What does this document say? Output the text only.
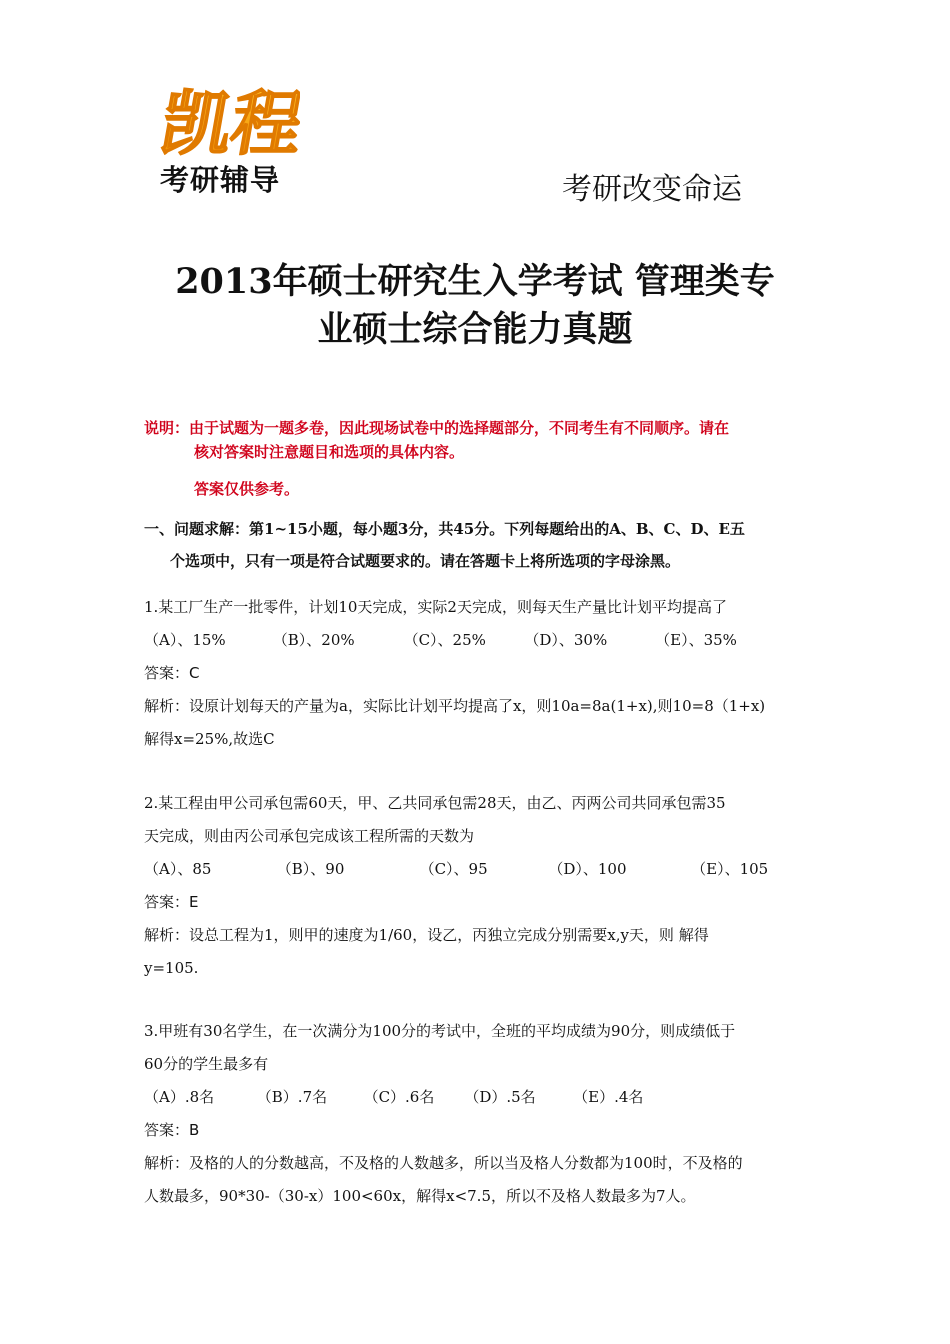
凯程
考研辅导	考研改变命运
2013年硕士研究生入学考试 管理类专
业硕士综合能力真题
说明：由于试题为一题多卷，因此现场试卷中的选择题部分，不同考生有不同顺序。请在
核对答案时注意题目和选项的具体内容。
答案仅供参考。
一、问题求解：第1~15小题，每小题3分，共45分。下列每题给出的A、B、C、D、E五
个选项中，只有一项是符合试题要求的。请在答题卡上将所选项的字母涂黑。
1.某工厂生产一批零件，计划10天完成，实际2天完成，则每天生产量比计划平均提高了
（A）、15%	（B）、20%	（C）、25%	（D）、30%	（E）、35%
答案：C
解析：设原计划每天的产量为a，实际比计划平均提高了x，则10a=8a(1+x),则10=8（1+x)
解得x=25%,故选C
2.某工程由甲公司承包需60天，甲、乙共同承包需28天，由乙、丙两公司共同承包需35
天完成，则由丙公司承包完成该工程所需的天数为
（A）、85	（B）、90	（C）、95	（D）、100	（E）、105
答案：E
解析：设总工程为1，则甲的速度为1/60，设乙，丙独立完成分别需要x,y天，则 解得
y=105.
3.甲班有30名学生，在一次满分为100分的考试中，全班的平均成绩为90分，则成绩低于
60分的学生最多有
（A）.8名	（B）.7名 （C）.6名 （D）.5名 （E）.4名
答案：B
解析：及格的人的分数越高，不及格的人数越多，所以当及格人分数都为100时，不及格的
人数最多，90*30-（30-x）100<60x，解得x<7.5，所以不及格人数最多为7人。
